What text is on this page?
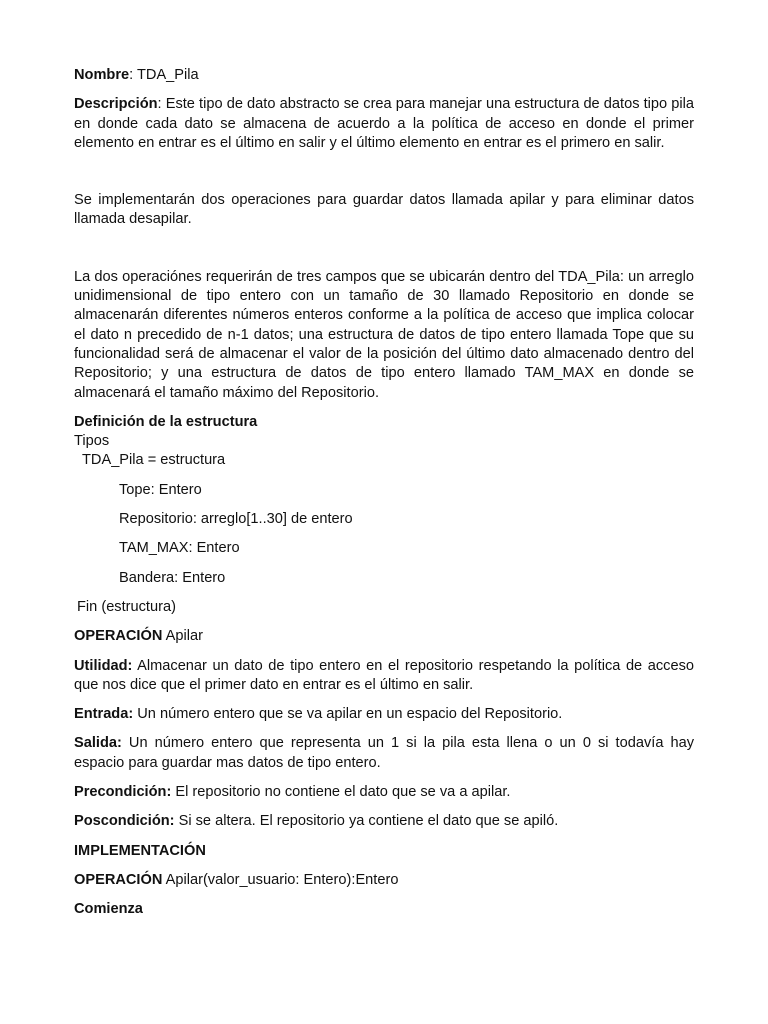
Nombre: TDA_Pila

Descripción: Este tipo de dato abstracto se crea para manejar una estructura de datos tipo pila en donde cada dato se almacena de acuerdo a la política de acceso en donde el primer elemento en entrar es el último en salir y el último elemento en entrar es el primero en salir.

Se implementarán dos operaciones para guardar datos llamada apilar y para eliminar datos llamada desapilar.

La dos operaciónes requerirán de tres campos que se ubicarán dentro del TDA_Pila: un arreglo unidimensional de tipo entero con un tamaño de 30 llamado Repositorio en donde se almacenarán diferentes números enteros conforme a la política de acceso que implica colocar el dato n precedido de n-1 datos; una estructura de datos de tipo entero llamada Tope que su funcionalidad será de almacenar el valor de la posición del último dato almacenado dentro del Repositorio; y una estructura de datos de tipo entero llamado TAM_MAX en donde se almacenará el tamaño máximo del Repositorio.

Definición de la estructura

Tipos

TDA_Pila = estructura

Tope: Entero

Repositorio: arreglo[1..30] de entero

TAM_MAX: Entero

Bandera: Entero

Fin (estructura)

OPERACIÓN Apilar

Utilidad: Almacenar un dato de tipo entero en el repositorio respetando la política de acceso que nos dice que el primer dato en entrar es el último en salir.

Entrada: Un número entero que se va apilar en un espacio del Repositorio.

Salida: Un número entero que representa un 1 si la pila esta llena o un 0 si todavía hay espacio para guardar mas datos de tipo entero.

Precondición: El repositorio no contiene el dato que se va a apilar.

Poscondición: Si se altera. El repositorio ya contiene el dato que se apiló.

IMPLEMENTACIÓN

OPERACIÓN Apilar(valor_usuario: Entero):Entero

Comienza
